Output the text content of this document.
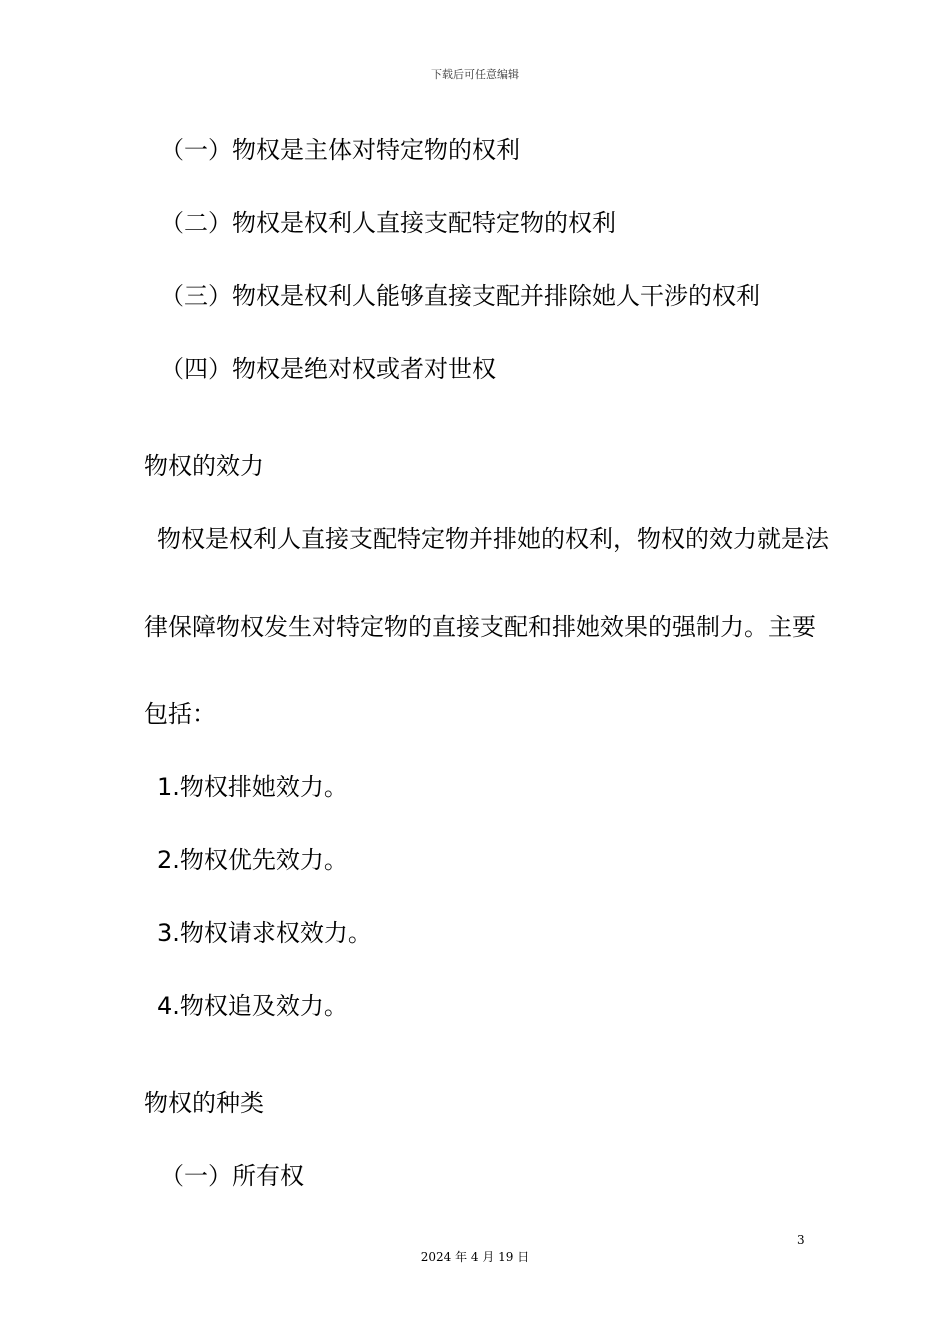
下载后可任意编辑
（一）物权是主体对特定物的权利
（二）物权是权利人直接支配特定物的权利
（三）物权是权利人能够直接支配并排除她人干涉的权利
（四）物权是绝对权或者对世权
物权的效力
物权是权利人直接支配特定物并排她的权利，物权的效力就是法
律保障物权发生对特定物的直接支配和排她效果的强制力。主要
包括：
1.物权排她效力。
2.物权优先效力。
3.物权请求权效力。
4.物权追及效力。
物权的种类
（一）所有权
3
2024 年 4 月 19 日
